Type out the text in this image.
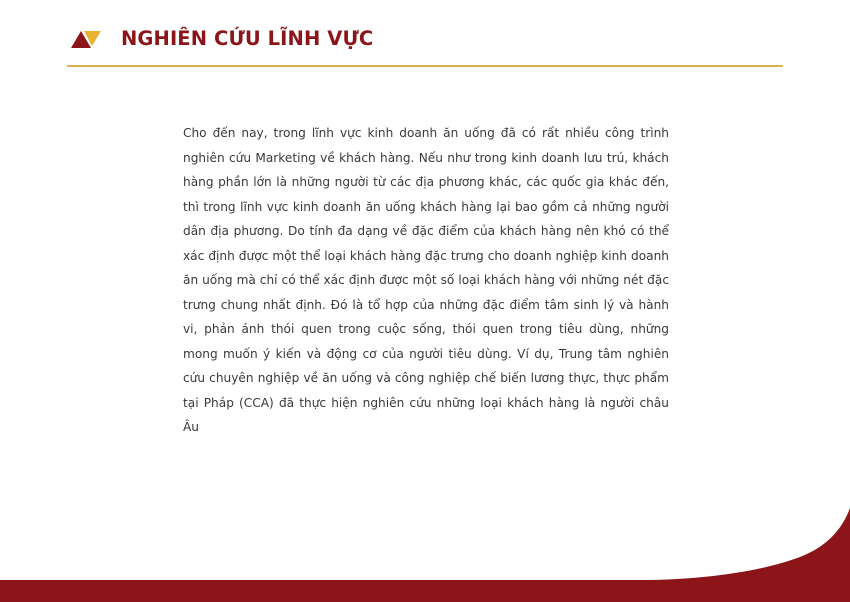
NGHIÊN CỨU LĨNH VỰC

Cho đến nay, trong lĩnh vực kinh doanh ăn uống đã có rất nhiều công trình nghiên cứu Marketing về khách hàng. Nếu như trong kinh doanh lưu trú, khách hàng phần lớn là những người từ các địa phương khác, các quốc gia khác đến, thì trong lĩnh vực kinh doanh ăn uống khách hàng lại bao gồm cả những người dân địa phương. Do tính đa dạng về đặc điểm của khách hàng nên khó có thể xác định được một thể loại khách hàng đặc trưng cho doanh nghiệp kinh doanh ăn uống mà chỉ có thể xác định được một số loại khách hàng với những nét đặc trưng chung nhất định. Đó là tổ hợp của những đặc điểm tâm sinh lý và hành vi, phản ánh thói quen trong cuộc sống, thói quen trong tiêu dùng, những mong muốn ý kiến và động cơ của người tiêu dùng. Ví dụ, Trung tâm nghiên cứu chuyên nghiệp về ăn uống và công nghiệp chế biến lương thực, thực phẩm tại Pháp (CCA) đã thực hiện nghiên cứu những loại khách hàng là người châu Âu
